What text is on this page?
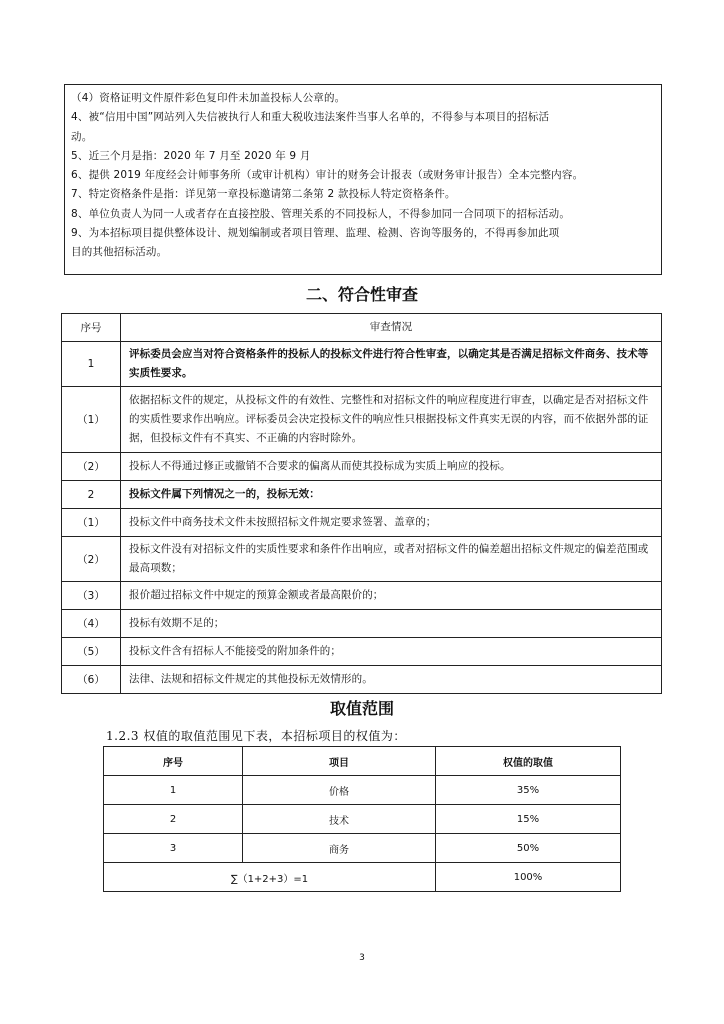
（4）资格证明文件原件彩色复印件未加盖投标人公章的。

4、被“信用中国”网站列入失信被执行人和重大税收违法案件当事人名单的，不得参与本项目的招标活

动。

5、近三个月是指：2020 年 7 月至 2020 年 9 月

6、提供 2019 年度经会计师事务所（或审计机构）审计的财务会计报表（或财务审计报告）全本完整内容。

7、特定资格条件是指：详见第一章投标邀请第二条第 2 款投标人特定资格条件。

8、单位负责人为同一人或者存在直接控股、管理关系的不同投标人，不得参加同一合同项下的招标活动。

9、为本招标项目提供整体设计、规划编制或者项目管理、监理、检测、咨询等服务的，不得再参加此项

目的其他招标活动。

二、符合性审查
序号	审查情况
1	评标委员会应当对符合资格条件的投标人的投标文件进行符合性审查，以确定其是否满足招标文件商务、技术等实质性要求。
（1）	依据招标文件的规定，从投标文件的有效性、完整性和对招标文件的响应程度进行审查，以确定是否对招标文件的实质性要求作出响应。评标委员会决定投标文件的响应性只根据投标文件真实无误的内容，而不依据外部的证据，但投标文件有不真实、不正确的内容时除外。
（2）	投标人不得通过修正或撤销不合要求的偏离从而使其投标成为实质上响应的投标。
2	投标文件属下列情况之一的，投标无效：
（1）	投标文件中商务技术文件未按照招标文件规定要求签署、盖章的；
（2）	投标文件没有对招标文件的实质性要求和条件作出响应，或者对招标文件的偏差超出招标文件规定的偏差范围或最高项数；
（3）	报价超过招标文件中规定的预算金额或者最高限价的；
（4）	投标有效期不足的；
（5）	投标文件含有招标人不能接受的附加条件的；
（6）	法律、法规和招标文件规定的其他投标无效情形的。
取值范围
1.2.3 权值的取值范围见下表，本招标项目的权值为：
序号	项目	权值的取值
1	价格	35%
2	技术	15%
3	商务	50%
∑（1+2+3）=1		100%
3
